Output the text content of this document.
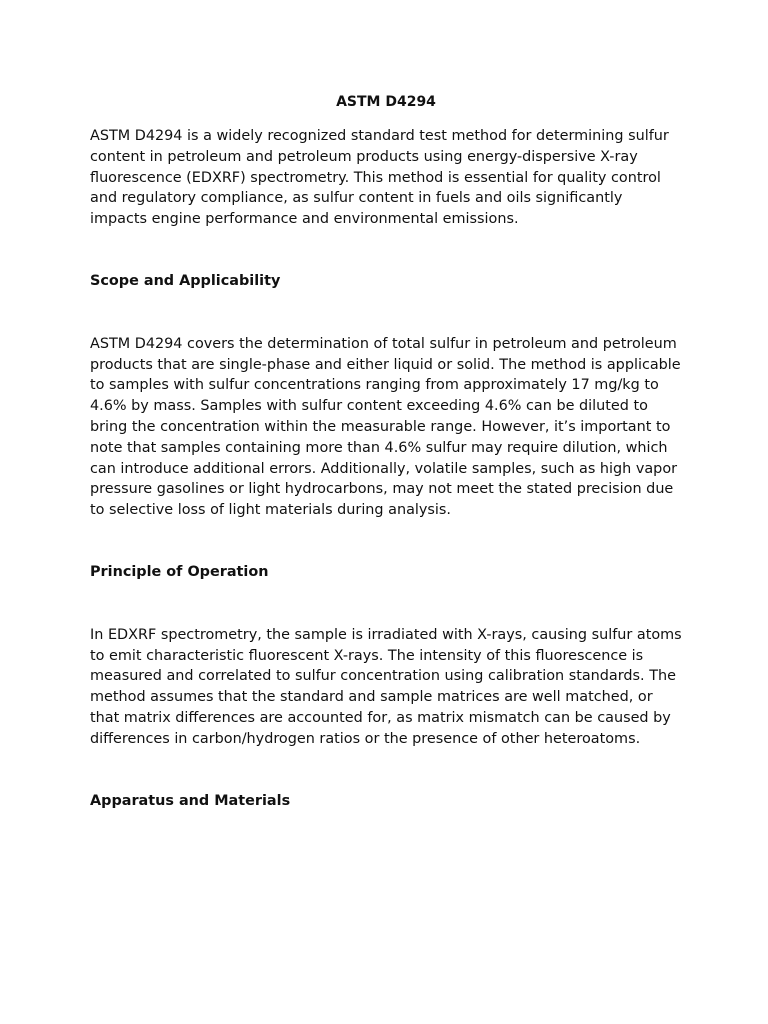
ASTM D4294

ASTM D4294 is a widely recognized standard test method for determining sulfur content in petroleum and petroleum products using energy-dispersive X-ray fluorescence (EDXRF) spectrometry. This method is essential for quality control and regulatory compliance, as sulfur content in fuels and oils significantly impacts engine performance and environmental emissions.

Scope and Applicability

ASTM D4294 covers the determination of total sulfur in petroleum and petroleum products that are single-phase and either liquid or solid. The method is applicable to samples with sulfur concentrations ranging from approximately 17 mg/kg to 4.6% by mass. Samples with sulfur content exceeding 4.6% can be diluted to bring the concentration within the measurable range. However, it’s important to note that samples containing more than 4.6% sulfur may require dilution, which can introduce additional errors. Additionally, volatile samples, such as high vapor pressure gasolines or light hydrocarbons, may not meet the stated precision due to selective loss of light materials during analysis.

Principle of Operation

In EDXRF spectrometry, the sample is irradiated with X-rays, causing sulfur atoms to emit characteristic fluorescent X-rays. The intensity of this fluorescence is measured and correlated to sulfur concentration using calibration standards. The method assumes that the standard and sample matrices are well matched, or that matrix differences are accounted for, as matrix mismatch can be caused by differences in carbon/hydrogen ratios or the presence of other heteroatoms.

Apparatus and Materials
